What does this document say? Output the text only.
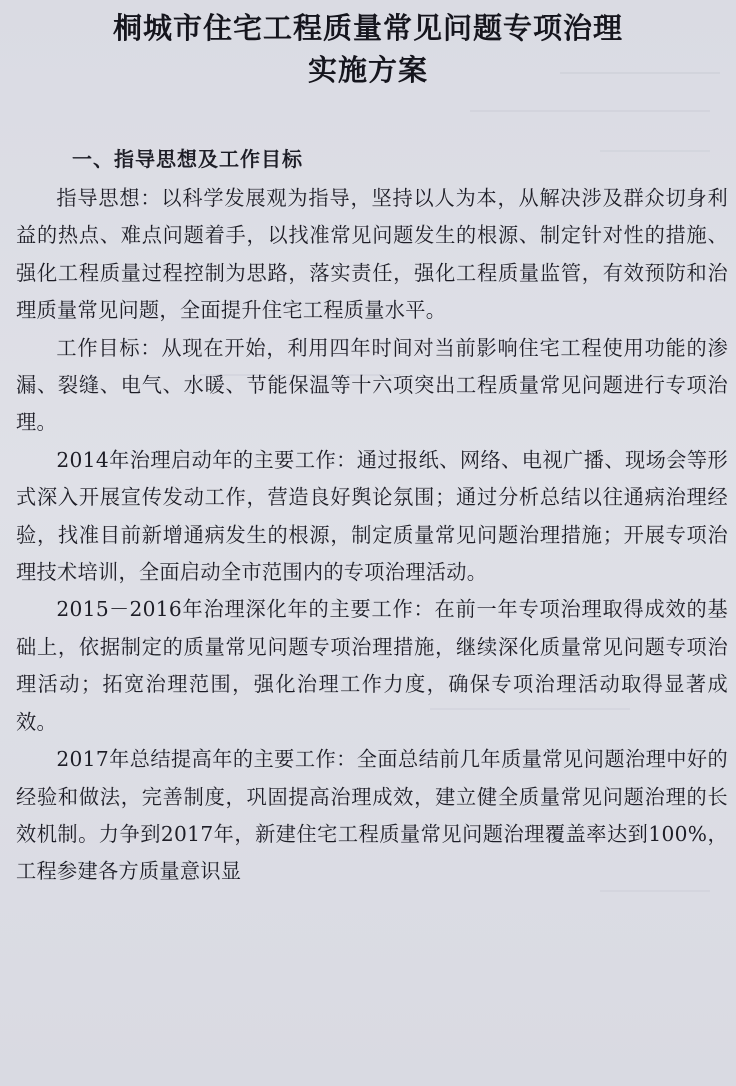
桐城市住宅工程质量常见问题专项治理
实施方案
一、指导思想及工作目标

指导思想：以科学发展观为指导，坚持以人为本，从解决涉及群众切身利益的热点、难点问题着手，以找准常见问题发生的根源、制定针对性的措施、强化工程质量过程控制为思路，落实责任，强化工程质量监管，有效预防和治理质量常见问题，全面提升住宅工程质量水平。

工作目标：从现在开始，利用四年时间对当前影响住宅工程使用功能的渗漏、裂缝、电气、水暖、节能保温等十六项突出工程质量常见问题进行专项治理。

2014年治理启动年的主要工作：通过报纸、网络、电视广播、现场会等形式深入开展宣传发动工作，营造良好舆论氛围；通过分析总结以往通病治理经验，找准目前新增通病发生的根源，制定质量常见问题治理措施；开展专项治理技术培训，全面启动全市范围内的专项治理活动。

2015－2016年治理深化年的主要工作：在前一年专项治理取得成效的基础上，依据制定的质量常见问题专项治理措施，继续深化质量常见问题专项治理活动；拓宽治理范围，强化治理工作力度，确保专项治理活动取得显著成效。

2017年总结提高年的主要工作：全面总结前几年质量常见问题治理中好的经验和做法，完善制度，巩固提高治理成效，建立健全质量常见问题治理的长效机制。力争到2017年，新建住宅工程质量常见问题治理覆盖率达到100%，工程参建各方质量意识显
